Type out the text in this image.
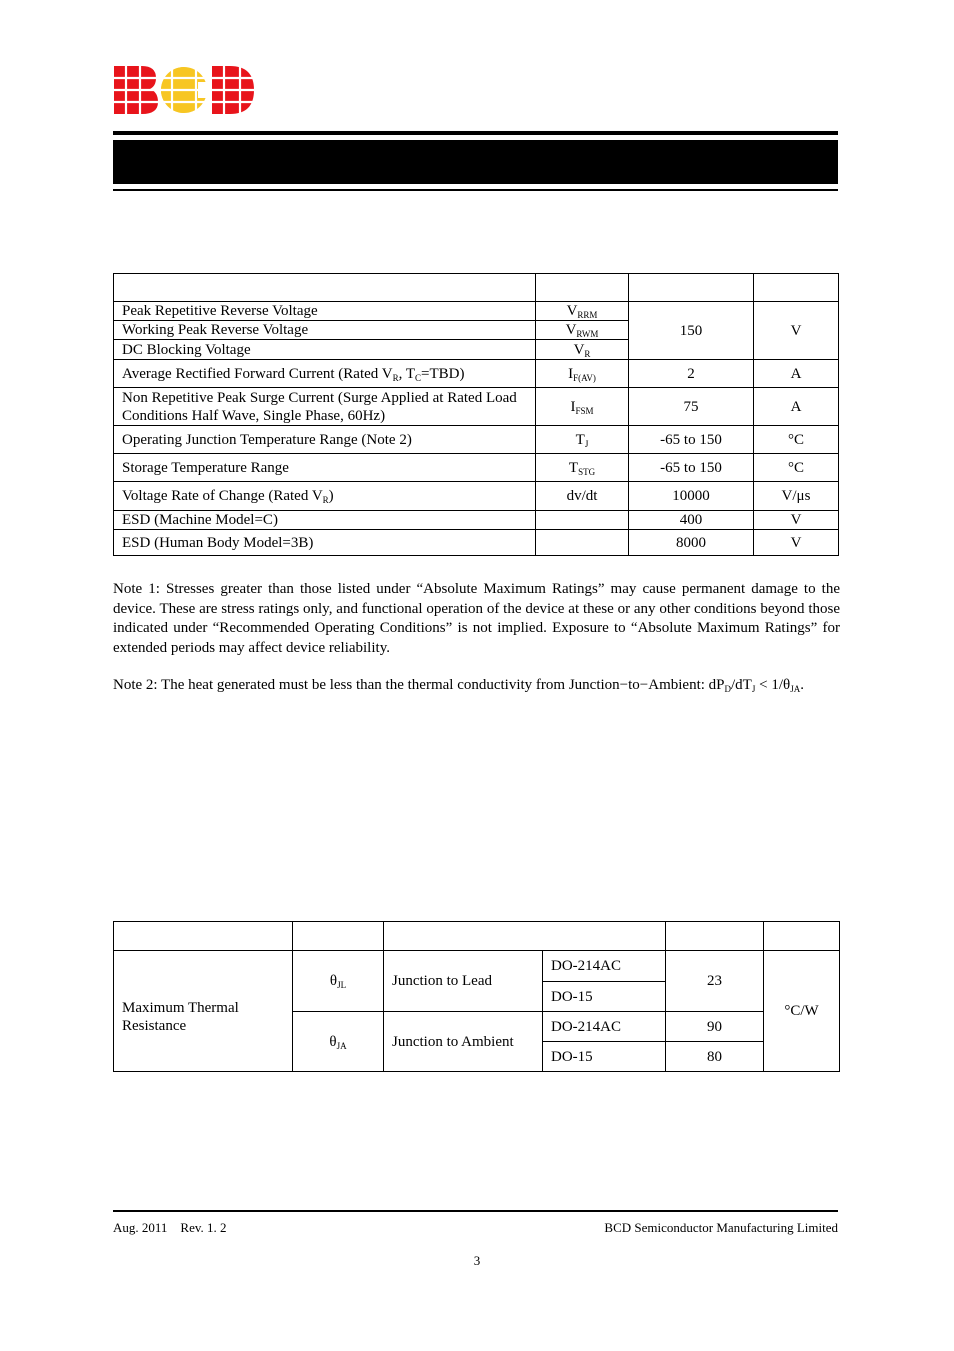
Peak Repetitive Reverse Voltage	$V_{RRM}$	150	V
Working Peak Reverse Voltage	$V_{RWM}$
DC Blocking Voltage	$V_R$
Average Rectified Forward Current (Rated $V_R$, $T_C=TBD$)	$I_{F(AV)}$	2	A
Non Repetitive Peak Surge Current (Surge Applied at Rated Load Conditions Half Wave, Single Phase, 60Hz)	$I_{FSM}$	75	A
Operating Junction Temperature Range (Note 2)	$T_J$	-65 to 150	°C
Storage Temperature Range	$T_{STG}$	-65 to 150	°C
Voltage Rate of Change (Rated $V_R$)	dv/dt	10000	V/μs
ESD (Machine Model=C)		400	V
ESD (Human Body Model=3B)		8000	V
Note 1: Stresses greater than those listed under “Absolute Maximum Ratings” may cause permanent damage to the device. These are stress ratings only, and functional operation of the device at these or any other conditions beyond those indicated under “Recommended Operating Conditions” is not implied. Exposure to “Absolute Maximum Ratings” for extended periods may affect device reliability.
Note 2: The heat generated must be less than the thermal conductivity from Junction−to−Ambient: $dP_D/dT_J < 1/\theta_{JA}$.

Maximum Thermal Resistance	$\theta_{JL}$	Junction to Lead	DO-214AC	23	°C/W
			DO-15		
	$\theta_{JA}$	Junction to Ambient	DO-214AC	90	
			DO-15	80	
Aug. 2011 Rev. 1. 2	BCD Semiconductor Manufacturing Limited
3
